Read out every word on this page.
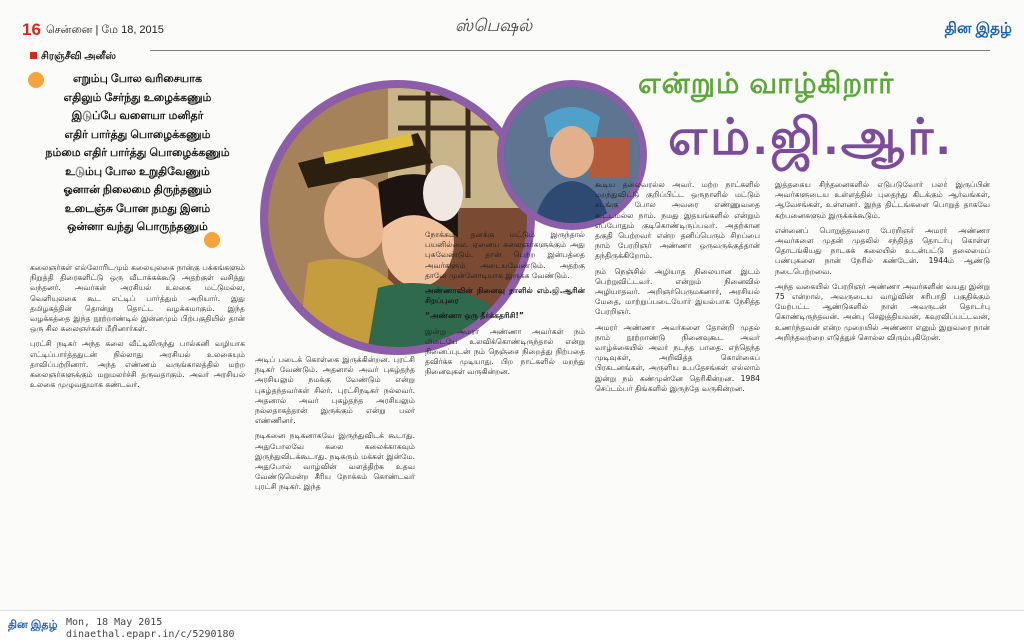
16 சென்னை | மே 18, 2015	ஸ்பெஷல்	தின இதழ்
சிரஞ்சீவி அனீஸ்
எறும்பு போல வரிசையாக
எதிலும் சேர்ந்து உழைக்கணும்
இடுப்பே வளையா மனிதர்
எதிர் பார்த்து பொழைக்கணும்
நம்மை எதிர் பார்த்து பொழைக்கணும்
உடும்பு போல உறுதிவேணும்
ஓனான் நிலைமை திருந்தணும்
உடைஞ்சு போன நமது இனம்
ஒன்னா வந்து பொருந்தணும்
என்றும் வாழ்கிறார்
எம்.ஜி.ஆர்.

கலைஞர்கள் எல்லோரிடமும் கலையுலகை நான்கு பக்கங்களும் நிறுத்தி திரைகளிட்டு ஒரு வீடாக்கக்கூடு அதற்குள் வசித்து வந்தனர். அவர்கள் அரசியல் உலகை மட்டுமல்ல, வெளியுலகை கூட எட்டிப் பார்த்தும் அறியார். இது தமிழகத்தின் தொன்று தொட்ட வழக்கமாகும். இந்த வழக்கத்தை இந்த நூற்றாண்டில் இன்னமும் பிற்பகுதியில் தான் ஒரு சில கலைஞர்கள் மீறினார்கள்.

புரட்சி நடிகர் அந்த கலை வீட்டிலிருந்து பால்கனி வழியாக எட்டிப்பார்த்ததுடன் நில்லாது அரசியல் உலகையும் தாவிப்பற்றினார். அந்த எண்ணம் வருங்காலத்தில் மற்ற கலைஞர்களுக்கும் மறுமலர்ச்சி தருவதாகும். அவர் அரசியல் உலகை முழுவதுமாக கண்டவர்.

அடிப் படைக் கொள்கை இருக்கின்றன. புரட்சி நடிகர் வேண்டும். அதனால் அவர் புகழ்தந்த அரசியலும் நமக்கு வேண்டும் என்று புகழ்தந்தவர்கள் சிலர். புரட்சிநடிகர் நல்லவர். அதனால் அவர் புகழ்தந்த அரசியலும் நல்லதாகத்தான் இருக்கும் என்று பலர் எண்ணினர்.

நடிகனை நடிகனாகவே இருந்துவிடக் கூடாது. அதுபோலவே கலை கலைக்காகவும் இருந்துவிடக்கூடாது. நடிகரும் மக்கள் இன்மே. அதுபோல் வாழ்வின் வளத்திற்க உதவ வேண்டுமென்ற சீரிய நோக்கம் கொண்டவர் புரட்சி நடிகர். இந்த

நோக்கம் தனக்கு மட்டும் இருந்தால் பயனில்லை. ஏனைய கலைஞர்களுக்கும் அது புகவேண்டும். தான் பெற்ற இன்பத்தை அவர்களும் அடையவேண்டும். அதற்கு தானே முன்னோடியாக இருக்க வேண்டும்.

அண்ணாவின் நினைவு நாளில் எம்.ஜி.ஆரின் சிறப்புரை

“அண்ணா ஒரு தீர்க்கதரிசி!”

இன்று அமரர் அண்ணா அவர்கள் நம் மிடையே உலவிக்கொண்டிருந்தால் என்று நினைப்புடன் நம் நெஞ்சை நிறைத்து நிற்பதை தவிர்க்க முடியாது. பிற நாட்களில் மறந்து நினைவுகள் வருகின்றன.

கூடிய தலைவரல்ல அவர். மற்ற நாட்களில் மறந்துவிட்டு குறிப்பிட்ட ஒருநாளில் மட்டும் சடங்கு போல அவரை எண்ணுவதை கூட்டமல்ல நாம். நமது இதயங்களில் என்றும் எப்போதும் குடிகொண்டிருப்பவர். அதற்கான தகுதி பெற்றவர் என்ற தனிப்பெரும் சிறப்பை நாம் பேரறிஞர் அண்ணா ஒருவருக்குத்தான் தந்திருக்கிறோம்.

நம் நெஞ்சில் அழியாத நிலையான இடம் பெற்றுவிட்டவர். என்றும் நினைவில் அழியாதவர். அறிஞர்பெருமகனார், அரசியல் மேதை, மாற்றுப்படையோர் இயல்பாக நேசித்த பேரறிஞர்.

அமரர் அண்ணா அவர்களை தோன்றி முதல் நாம் நூற்றாண்டு நினைவுகூட அவர் வாழ்க்கையில் அவர் நடந்த பாதை. எந்தெந்த முடிவுகள், அறிவித்த கொள்கைப் பிரகடனங்கள், அருளிய உபதேசங்கள் எல்லாம் இன்று நம் கண்முன்னே தெரிகின்றன. 1984 செப்டம்பர் திங்களில் இருந்தே வருகின்றன.

இத்தகைய சிந்தனைகளில் எடுபடுவோர் பலர் இருப்பின் அவர்களுடைய உள்ளத்தில் புதைந்து கிடக்கும் ஆர்வங்கள், ஆவேசங்கள், உள்ளனர். இந்த திட்டங்களை பொறுத் தாகவே கற்பனைகளும் இருக்கக்கூடும்.

என்னைப் பொறுத்தவரை பேரறிஞர் அமரர் அண்ணா அவர்களை முதன் முதலில் சந்தித்த தொடர்பு கொள்ள தொடங்கியது நாடகக் கலையில் உடன்பட்டு தலைமைப் பண்புகளை நான் நேரில் கண்டேன். 1944ம் ஆண்டு நடைபெற்றவை.

அந்த வகையில் பேரறிஞர் அண்ணா அவர்களின் வயது இன்று 75 என்றால், அவருடைய வாழ்வின் சரிபாதி பகுதிக்கும் மேற்பட்ட ஆண்டுகளில் நான் அவருடன் தொடர்பு கொண்டிருந்தவன். அன்பு செலுத்தியவன், கவுரவிப்பட்டவன், உணர்ந்தவன் என்ற முறையில் அண்ணா எனும் இறுவரை நான் அறிந்தவற்றை எடுத்துச் சொல்ல விரும்புகிறேன்.

தின இதழ் Mon, 18 May 2015
dinaethal.epapr.in/c/5290180
